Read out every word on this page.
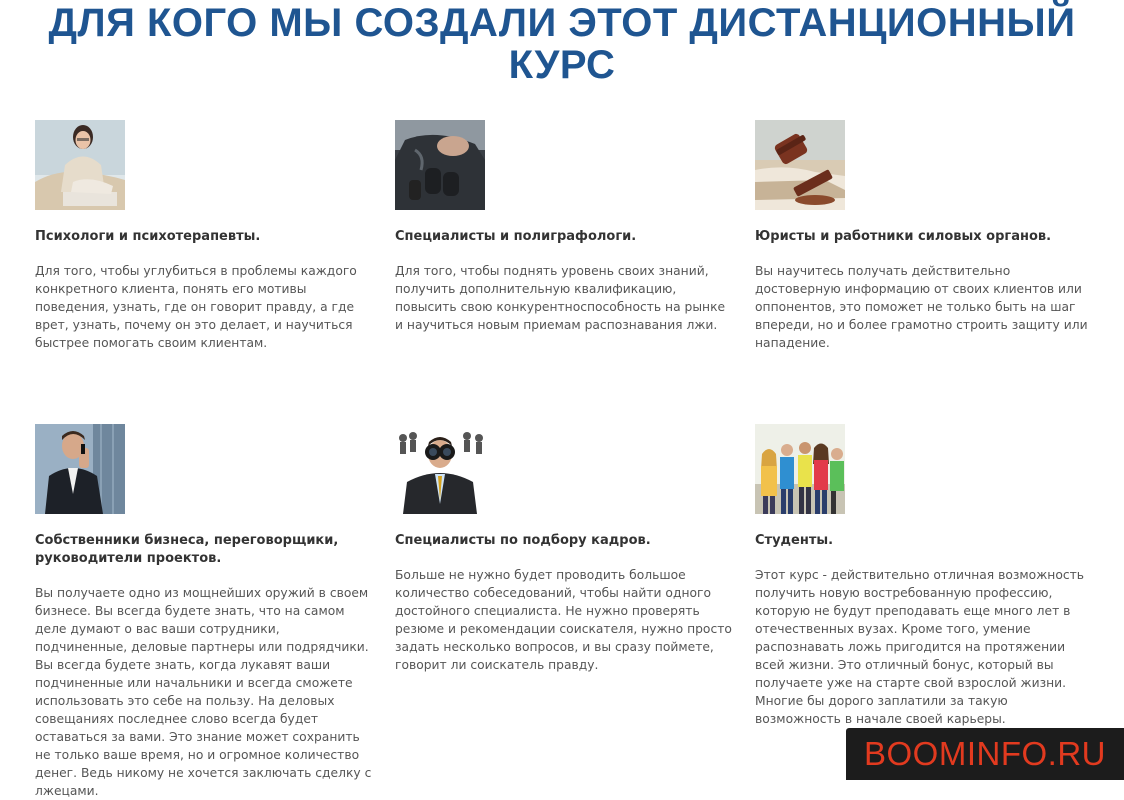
ДЛЯ КОГО МЫ СОЗДАЛИ ЭТОТ ДИСТАНЦИОННЫЙ
КУРС
Психологи и психотерапевты.

Для того, чтобы углубиться в проблемы каждого конкретного клиента, понять его мотивы поведения, узнать, где он говорит правду, а где врет, узнать, почему он это делает, и научиться быстрее помогать своим клиентам.

Специалисты и полиграфологи.

Для того, чтобы поднять уровень своих знаний, получить дополнительную квалификацию, повысить свою конкурентноспособность на рынке и научиться новым приемам распознавания лжи.

Юристы и работники силовых органов.

Вы научитесь получать действительно достоверную информацию от своих клиентов или оппонентов, это поможет не только быть на шаг впереди, но и более грамотно строить защиту или нападение.

Собственники бизнеса, переговорщики, руководители проектов.

Вы получаете одно из мощнейших оружий в своем бизнесе. Вы всегда будете знать, что на самом деле думают о вас ваши сотрудники, подчиненные, деловые партнеры или подрядчики. Вы всегда будете знать, когда лукавят ваши подчиненные или начальники и всегда сможете использовать это себе на пользу. На деловых совещаниях последнее слово всегда будет оставаться за вами. Это знание может сохранить не только ваше время, но и огромное количество денег. Ведь никому не хочется заключать сделку с лжецами.

Специалисты по подбору кадров.

Больше не нужно будет проводить большое количество собеседований, чтобы найти одного достойного специалиста. Не нужно проверять резюме и рекомендации соискателя, нужно просто задать несколько вопросов, и вы сразу поймете, говорит ли соискатель правду.

Студенты.

Этот курс - действительно отличная возможность получить новую востребованную профессию, которую не будут преподавать еще много лет в отечественных вузах. Кроме того, умение распознавать ложь пригодится на протяжении всей жизни. Это отличный бонус, который вы получаете уже на старте свой взрослой жизни. Многие бы дорого заплатили за такую возможность в начале своей карьеры.

BOOMINFO.RU
